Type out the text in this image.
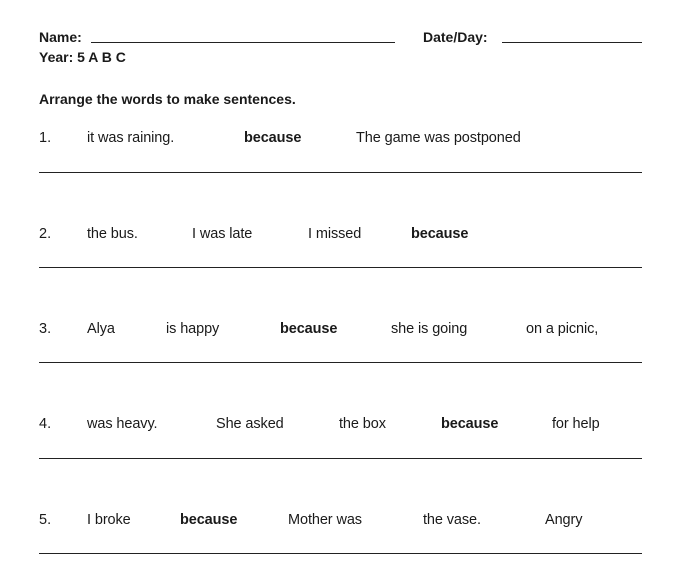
Name:	Date/Day:
Year: 5 A B C
Arrange the words to make sentences.
1. it was raining.	because	The game was postponed
2. the bus.	I was late	I missed	because
3. Alya	is happy	because	she is going	on a picnic,
4. was heavy.	She asked	the box	because	for help
5. I broke	because	Mother was	the vase.	Angry
